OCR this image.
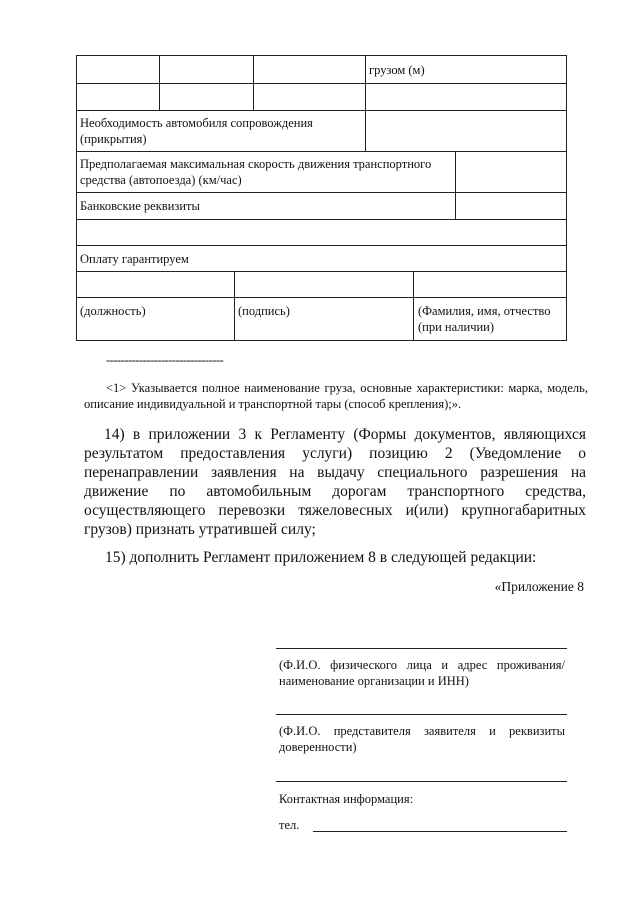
грузом (м)
Необходимость автомобиля сопровождения (прикрытия)
Предполагаемая максимальная скорость движения транспортного средства (автопоезда) (км/час)
Банковские реквизиты
Оплату гарантируем
(должность)	(подпись)	(Фамилия, имя, отчество (при наличии)
--------------------------------
<1> Указывается полное наименование груза, основные характеристики: марка, модель, описание индивидуальной и транспортной тары (способ крепления);».
14) в приложении 3 к Регламенту (Формы документов, являющихся результатом предоставления услуги) позицию 2 (Уведомление о перенаправлении заявления на выдачу специального разрешения на движение по автомобильным дорогам транспортного средства, осуществляющего перевозки тяжеловесных и(или) крупногабаритных грузов) признать утратившей силу;
15) дополнить Регламент приложением 8 в следующей редакции:
«Приложение 8
(Ф.И.О. физического лица и адрес проживания/наименование организации и ИНН)
(Ф.И.О. представителя заявителя и реквизиты доверенности)
Контактная информация:
тел.
